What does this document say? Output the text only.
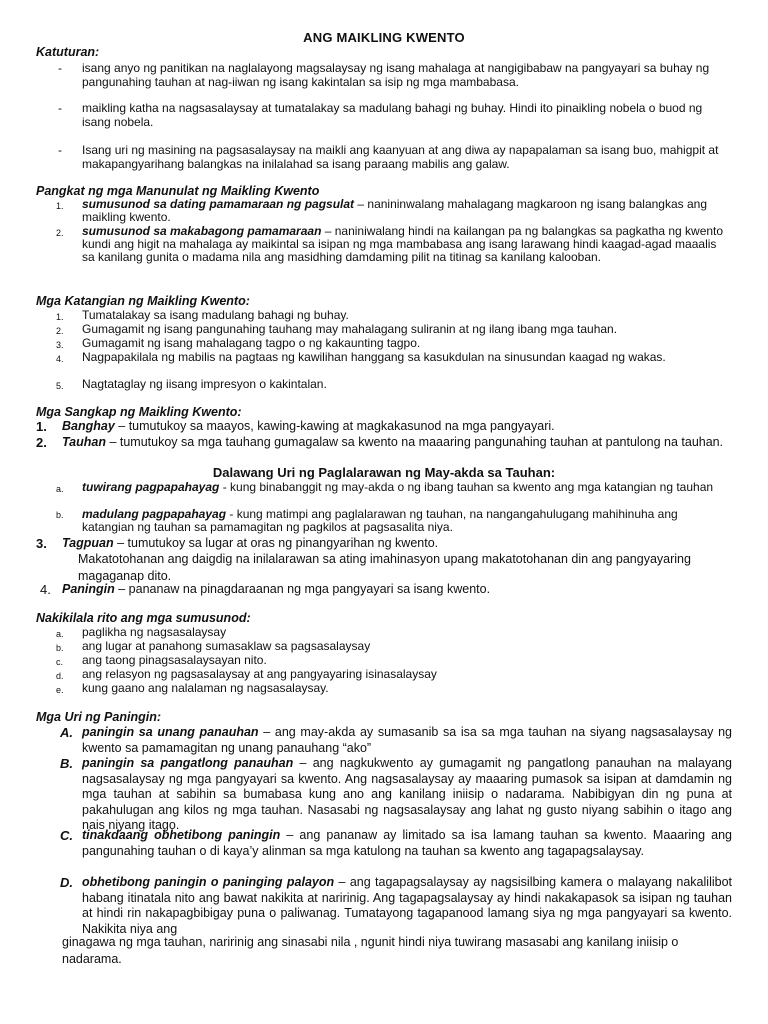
ANG MAIKLING KWENTO
Katuturan:
- isang anyo ng panitikan na naglalayong magsalaysay ng isang mahalaga at nangigibabaw na pangyayari sa buhay ng pangunahing tauhan at nag-iiwan ng isang kakintalan sa isip ng mga mambabasa.
- maikling katha na nagsasalaysay at tumatalakay sa madulang bahagi ng buhay. Hindi ito pinaikling nobela o buod ng isang nobela.
- Isang uri ng masining na pagsasalaysay na maikli ang kaanyuan at ang diwa ay napapalaman sa isang buo, mahigpit at makapangyarihang balangkas na inilalahad sa isang paraang mabilis ang galaw.
Pangkat ng mga Manunulat ng Maikling Kwento
1. sumusunod sa dating pamamaraan ng pagsulat – nanininwalang mahalagang magkaroon ng isang balangkas ang maikling kwento.
2. sumusunod sa makabagong pamamaraan – naniniwalang hindi na kailangan pa ng balangkas sa pagkatha ng kwento kundi ang higit na mahalaga ay maikintal sa isipan ng mga mambabasa ang isang larawang hindi kaagad-agad maaalis sa kanilang gunita o madama nila ang masidhing damdaming pilit na titinag sa kanilang kalooban.
Mga Katangian ng Maikling Kwento:
1. Tumatalakay sa isang madulang bahagi ng buhay.
2. Gumagamit ng isang pangunahing tauhang may mahalagang suliranin at ng ilang ibang mga tauhan.
3. Gumagamit ng isang mahalagang tagpo o ng kakaunting tagpo.
4. Nagpapakilala ng mabilis na pagtaas ng kawilihan hanggang sa kasukdulan na sinusundan kaagad ng wakas.
5. Nagtataglay ng iisang impresyon o kakintalan.
Mga Sangkap ng Maikling Kwento:
1. Banghay – tumutukoy sa maayos, kawing-kawing at magkakasunod na mga pangyayari.
2. Tauhan – tumutukoy sa mga tauhang gumagalaw sa kwento na maaaring pangunahing tauhan at pantulong na tauhan.
Dalawang Uri ng Paglalarawan ng May-akda sa Tauhan:
a. tuwirang pagpapahayag - kung binabanggit ng may-akda o ng ibang tauhan sa kwento ang mga katangian ng tauhan
b. madulang pagpapahayag - kung matimpi ang paglalarawan ng tauhan, na nangangahulugang mahihinuha ang katangian ng tauhan sa pamamagitan ng pagkilos at pagsasalita niya.
3. Tagpuan – tumutukoy sa lugar at oras ng pinangyarihan ng kwento.
Makatotohanan ang daigdig na inilalarawan sa ating imahinasyon upang makatotohanan din ang pangyayaring magaganap dito.
4. Paningin – pananaw na pinagdaraanan ng mga pangyayari sa isang kwento.
Nakikilala rito ang mga sumusunod:
a. paglikha ng nagsasalaysay
b. ang lugar at panahong sumasaklaw sa pagsasalaysay
c. ang taong pinagsasalaysayan nito.
d. ang relasyon ng pagsasalaysay at ang pangyayaring isinasalaysay
e. kung gaano ang nalalaman ng nagsasalaysay.
Mga Uri ng Paningin:
A. paningin sa unang panauhan – ang may-akda ay sumasanib sa isa sa mga tauhan na siyang nagsasalaysay ng kwento sa pamamagitan ng unang panauhang “ako”
B. paningin sa pangatlong panauhan – ang nagkukwento ay gumagamit ng pangatlong panauhan na malayang nagsasalaysay ng mga pangyayari sa kwento. Ang nagsasalaysay ay maaaring pumasok sa isipan at damdamin ng mga tauhan at sabihin sa bumabasa kung ano ang kanilang iniisip o nadarama. Nabibigyan din ng puna at pakahulugan ang kilos ng mga tauhan. Nasasabi ng nagsasalaysay ang lahat ng gusto niyang sabihin o itago ang nais niyang itago.
C. tinakdaang obhetibong paningin – ang pananaw ay limitado sa isa lamang tauhan sa kwento. Maaaring ang pangunahing tauhan o di kaya’y alinman sa mga katulong na tauhan sa kwento ang tagapagsalaysay.
D. obhetibong paningin o paninging palayon – ang tagapagsalaysay ay nagsisilbing kamera o malayang nakalilibot habang itinatala nito ang bawat nakikita at naririnig. Ang tagapagsalaysay ay hindi nakakapasok sa isipan ng tauhan at hindi rin nakapagbibigay puna o paliwanag. Tumatayong tagapanood lamang siya ng mga pangyayari sa kwento. Nakikita niya ang
ginagawa ng mga tauhan, naririnig ang sinasabi nila , ngunit hindi niya tuwirang masasabi ang kanilang iniisip o nadarama.
